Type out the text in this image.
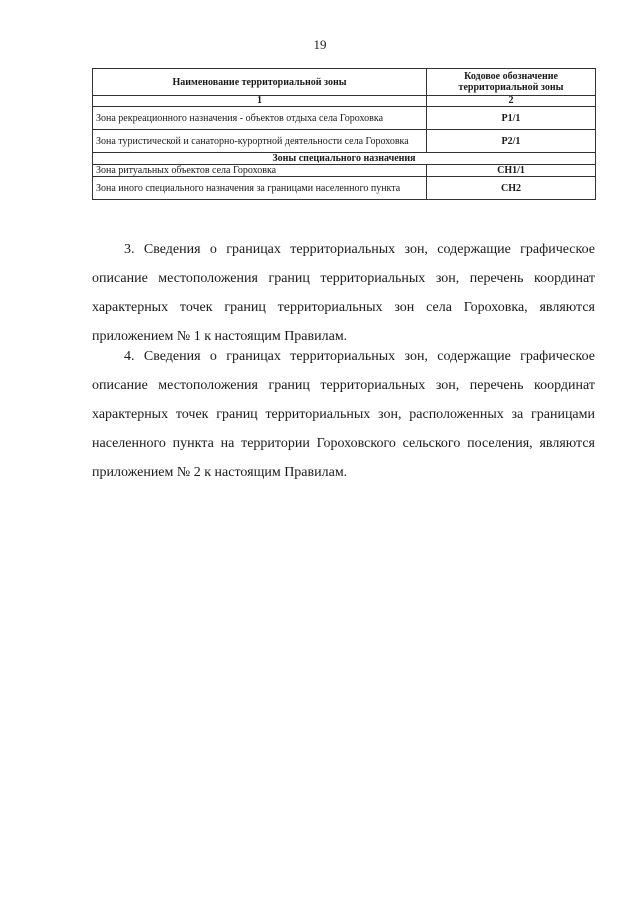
19
Наименование территориальной зоны	Кодовое обозначение территориальной зоны
1	2
Зона рекреационного назначения - объектов отдыха села Гороховка	Р1/1
Зона туристической и санаторно-курортной деятельности села Гороховка	Р2/1
Зоны специального назначения	
Зона ритуальных объектов села Гороховка	СН1/1
Зона иного специального назначения за границами населенного пункта	СН2

3. Сведения о границах территориальных зон, содержащие графическое описание местоположения границ территориальных зон, перечень координат характерных точек границ территориальных зон села Гороховка, являются приложением № 1 к настоящим Правилам.

4. Сведения о границах территориальных зон, содержащие графическое описание местоположения границ территориальных зон, перечень координат характерных точек границ территориальных зон, расположенных за границами населенного пункта на территории Гороховского сельского поселения, являются приложением № 2 к настоящим Правилам.
